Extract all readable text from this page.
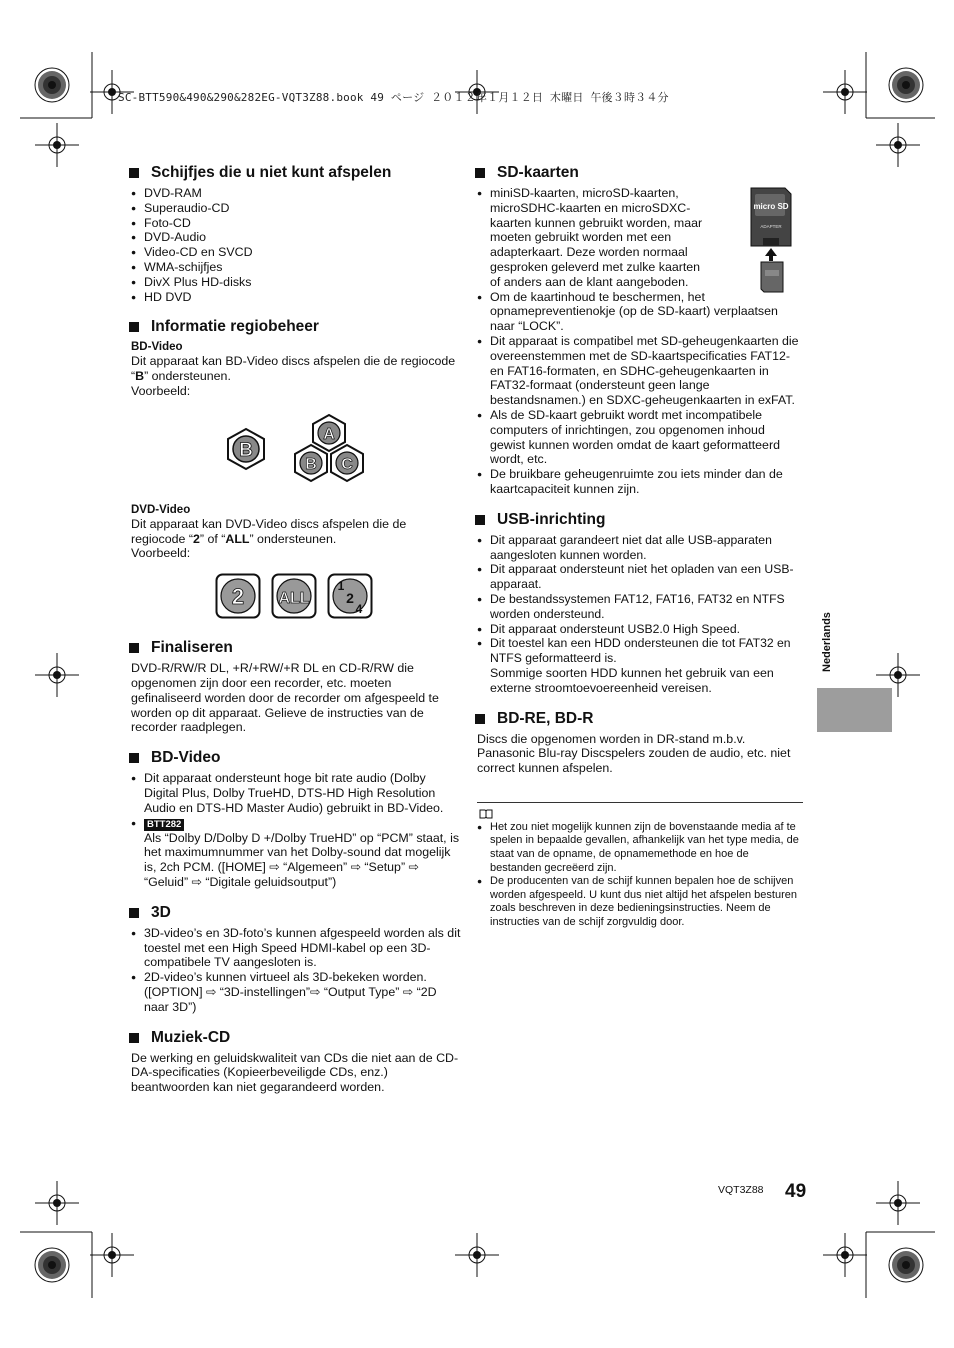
SC-BTT590&490&290&282EG-VQT3Z88.book 49 ページ ２０１２年１月１２日 木曜日 午後３時３４分
Schijfjes die u niet kunt afspelen
● DVD-RAM
● Superaudio-CD
● Foto-CD
● DVD-Audio
● Video-CD en SVCD
● WMA-schijfjes
● DivX Plus HD-disks
● HD DVD
Informatie regiobeheer

BD-Video

Dit apparaat kan BD-Video discs afspelen die de regiocode “B” ondersteunen.

Voorbeeld:

B
A
B C

DVD-Video

Dit apparaat kan DVD-Video discs afspelen die de regiocode “2” of “ALL” ondersteunen.

Voorbeeld:

2 ALL
1
2
4
Finaliseren

DVD-R/RW/R DL, +R/+RW/+R DL en CD-R/RW die opgenomen zijn door een recorder, etc. moeten gefinaliseerd worden door de recorder om afgespeeld te worden op dit apparaat. Gelieve de instructies van de recorder raadplegen.

BD-Video
● Dit apparaat ondersteunt hoge bit rate audio (Dolby Digital Plus, Dolby TrueHD, DTS-HD High Resolution Audio en DTS-HD Master Audio) gebruikt in BD-Video.
● BTT282
Als “Dolby D/Dolby D +/Dolby TrueHD” op “PCM” staat, is het maximumnummer van het Dolby-sound dat mogelijk is, 2ch PCM. ([HOME] ⇨ “Algemeen” ⇨ “Setup” ⇨ “Geluid” ⇨ “Digitale geluidsoutput”)
3D
● 3D-video’s en 3D-foto’s kunnen afgespeeld worden als dit toestel met een High Speed HDMI-kabel op een 3D-compatibele TV aangesloten is.
● 2D-video’s kunnen virtueel als 3D-bekeken worden. ([OPTION] ⇨ “3D-instellingen”⇨ “Output Type” ⇨ “2D naar 3D”)
Muziek-CD

De werking en geluidskwaliteit van CDs die niet aan de CD-DA-specificaties (Kopieerbeveiligde CDs, enz.) beantwoorden kan niet gegarandeerd worden.

SD-kaarten
micro SD
ADAPTER
● miniSD-kaarten, microSD-kaarten, microSDHC-kaarten en microSDXC-kaarten kunnen gebruikt worden, maar moeten gebruikt worden met een adapterkaart. Deze worden normaal gesproken geleverd met zulke kaarten of anders aan de klant aangeboden.
● Om de kaartinhoud te beschermen, het opnamepreventienokje (op de SD-kaart) verplaatsen naar “LOCK”.
● Dit apparaat is compatibel met SD-geheugenkaarten die overeenstemmen met de SD-kaartspecificaties FAT12- en FAT16-formaten, en SDHC-geheugenkaarten in FAT32-formaat (ondersteunt geen lange bestandsnamen.) en SDXC-geheugenkaarten in exFAT.
● Als de SD-kaart gebruikt wordt met incompatibele computers of inrichtingen, zou opgenomen inhoud gewist kunnen worden omdat de kaart geformatteerd wordt, etc.
● De bruikbare geheugenruimte zou iets minder dan de kaartcapaciteit kunnen zijn.
USB-inrichting
● Dit apparaat garandeert niet dat alle USB-apparaten aangesloten kunnen worden.
● Dit apparaat ondersteunt niet het opladen van een USB-apparaat.
● De bestandssystemen FAT12, FAT16, FAT32 en NTFS worden ondersteund.
● Dit apparaat ondersteunt USB2.0 High Speed.
● Dit toestel kan een HDD ondersteunen die tot FAT32 en NTFS geformatteerd is.

Sommige soorten HDD kunnen het gebruik van een externe stroomtoevoereenheid vereisen.

BD-RE, BD-R

Discs die opgenomen worden in DR-stand m.b.v. Panasonic Blu-ray Discspelers zouden de audio, etc. niet correct kunnen afspelen.

● Het zou niet mogelijk kunnen zijn de bovenstaande media af te spelen in bepaalde gevallen, afhankelijk van het type media, de staat van de opname, de opnamemethode en hoe de bestanden gecreëerd zijn.
● De producenten van de schijf kunnen bepalen hoe de schijven worden afgespeeld. U kunt dus niet altijd het afspelen besturen zoals beschreven in deze bedieningsinstructies. Neem de instructies van de schijf zorgvuldig door.
Nederlands
VQT3Z88 49
